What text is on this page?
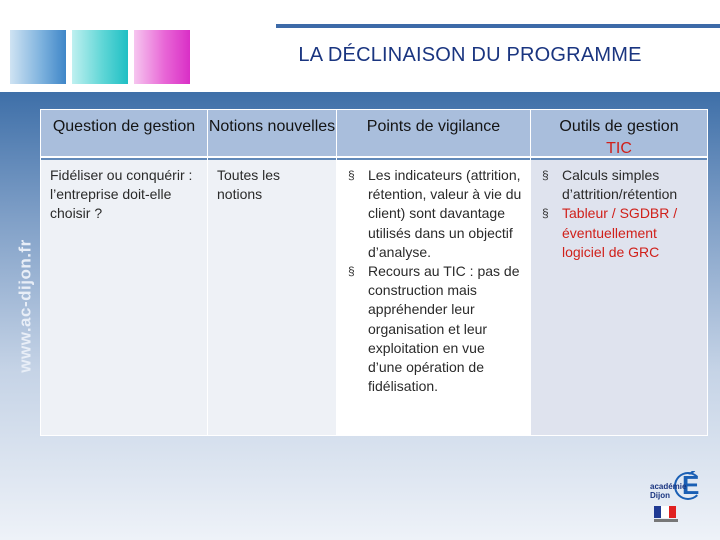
LA DÉCLINAISON DU PROGRAMME
www.ac-dijon.fr
Question de gestion
Fidéliser ou conquérir : l’entreprise doit-elle choisir ?
Notions nouvelles
Toutes les notions
Points de vigilance
§ Les indicateurs (attrition, rétention, valeur à vie du client) sont davantage utilisés dans un objectif d’analyse.
§ Recours au TIC : pas de construction mais appréhender leur organisation et leur exploitation en vue d’une opération de fidélisation.
Outils de gestion
TIC
§ Calculs simples d’attrition/rétention
§ Tableur / SGDBR / éventuellement logiciel de GRC
É
académie
Dijon
